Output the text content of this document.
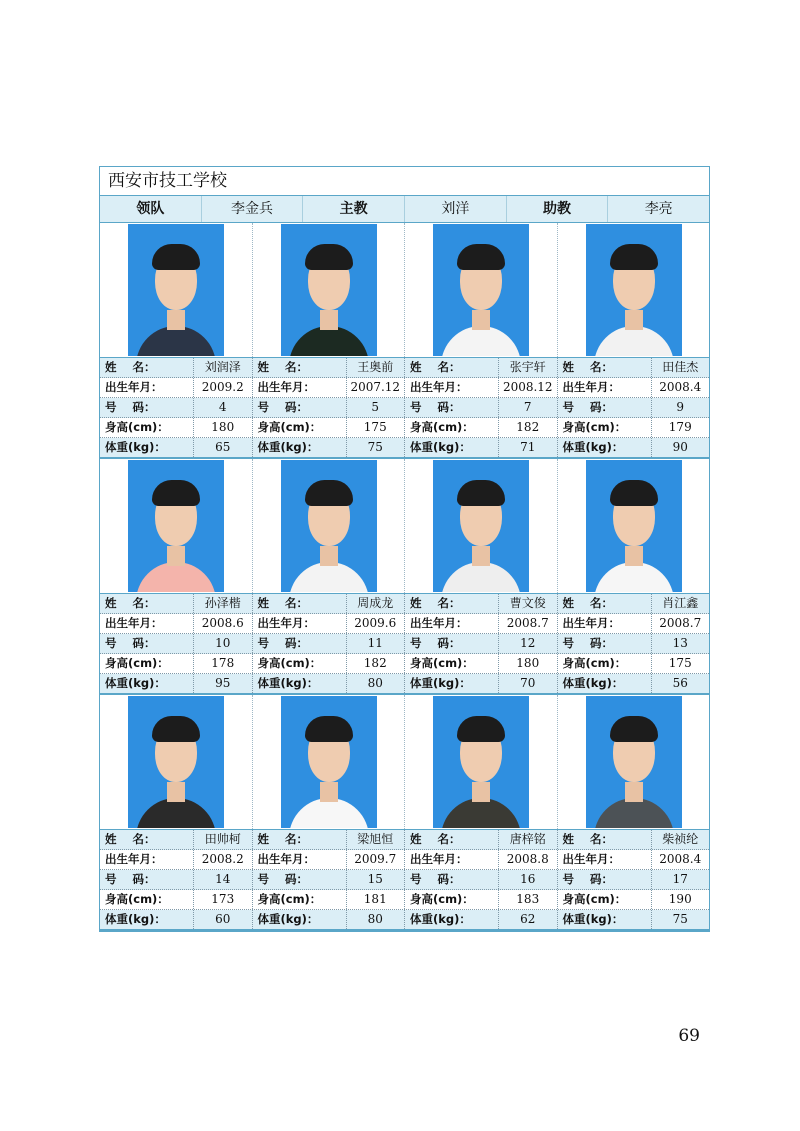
西安市技工学校
领队	李金兵	主教	刘洋	助教	李亮
姓    名：	刘润泽	姓    名：	王奥前	姓    名：	张宇轩	姓    名：	田佳杰
出生年月：	2009.2	出生年月：	2007.12 出生年月：	2008.12 出生年月：	2008.4
号    码：	4	号    码：	5	号    码：	7	号    码：	9
身高(cm)：	180	身高(cm)：	175	身高(cm)：	182	身高(cm)：	179
体重(kg)：	65	体重(kg)：	75	体重(kg)：	71	体重(kg)：	90
姓    名：	孙泽楷	姓    名：	周成龙	姓    名：	曹文俊	姓    名：	肖江鑫
出生年月：	2008.6	出生年月：	2009.6	出生年月：	2008.7	出生年月：	2008.7
号    码：	10	号    码：	11	号    码：	12	号    码：	13
身高(cm)：	178	身高(cm)：	182	身高(cm)：	180	身高(cm)：	175
体重(kg)：	95	体重(kg)：	80	体重(kg)：	70	体重(kg)：	56
姓    名：	田帅柯	姓    名：	梁旭恒	姓    名：	唐梓铭	姓    名：	柴祯纶
出生年月：	2008.2	出生年月：	2009.7	出生年月：	2008.8	出生年月：	2008.4
号    码：	14	号    码：	15	号    码：	16	号    码：	17
身高(cm)：	173	身高(cm)：	181	身高(cm)：	183	身高(cm)：	190
体重(kg)：	60	体重(kg)：	80	体重(kg)：	62	体重(kg)：	75
69
